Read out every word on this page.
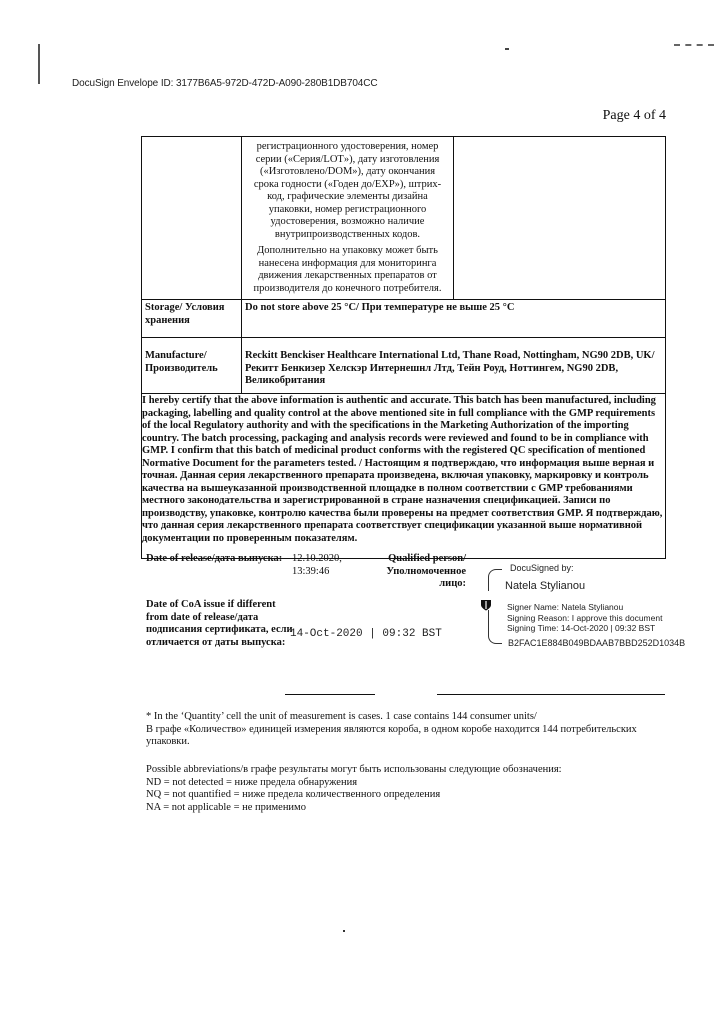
DocuSign Envelope ID: 3177B6A5-972D-472D-A090-280B1DB704CC
Page 4 of 4

	регистрационного удостоверения, номер серии («Серия/LOT»), дату изготовления («Изготовлено/DOM»), дату окончания срока годности («Годен до/EXP»), штрих-код, графические элементы дизайна упаковки, номер регистрационного удостоверения, возможно наличие внутрипроизводственных кодов.

Дополнительно на упаковку может быть нанесена информация для мониторинга движения лекарственных препаратов от производителя до конечного потребителя.	

Storage/ Условия хранения	Do not store above 25 °C/ При температуре не выше 25 °C	
Manufacture/ Производитель	Reckitt Benckiser Healthcare International Ltd, Thane Road, Nottingham, NG90 2DB, UK/
Рекитт Бенкизер Хелскэр Интернешнл Лтд, Тейн Роуд, Ноттингем, NG90 2DB, Великобритания	

I hereby certify that the above information is authentic and accurate. This batch has been manufactured, including packaging, labelling and quality control at the above mentioned site in full compliance with the GMP requirements of the local Regulatory authority and with the specifications in the Marketing Authorization of the importing country. The batch processing, packaging and analysis records were reviewed and found to be in compliance with GMP. I confirm that this batch of medicinal product conforms with the registered QC specification of mentioned Normative Document for the parameters tested. / Настоящим я подтверждаю, что информация выше верная и точная. Данная серия лекарственного препарата произведена, включая упаковку, маркировку и контроль качества на вышеуказанной производственной площадке в полном соответствии с GMP требованиями местного законодательства и зарегистрированной в стране назначения спецификацией. Записи по производству, упаковке, контролю качества были проверены на предмет соответствия GMP. Я подтверждаю, что данная серия лекарственного препарата соответствует спецификации указанной выше нормативной документации по проверенным показателям.		
Date of release/дата выпуска: 12.10.2020,
13:39:46
Qualified person/ Уполномоченное лицо:
Date of CoA issue if different from date of release/дата подписания сертификата, если отличается от даты выпуска:
14-Oct-2020 | 09:32 BST
DocuSigned by:
Natela Stylianou
Signer Name: Natela Stylianou
Signing Reason: I approve this document
Signing Time: 14-Oct-2020 | 09:32 BST
B2FAC1E884B049BDAAB7BBD252D1034B
* In the ‘Quantity’ cell the unit of measurement is cases. 1 case contains 144 consumer units/
В графе «Количество» единицей измерения являются короба, в одном коробе находится 144 потребительских упаковки.
Possible abbreviations/в графе результаты могут быть использованы следующие обозначения:
ND = not detected = ниже предела обнаружения
NQ = not quantified = ниже предела количественного определения
NA = not applicable = не применимо
